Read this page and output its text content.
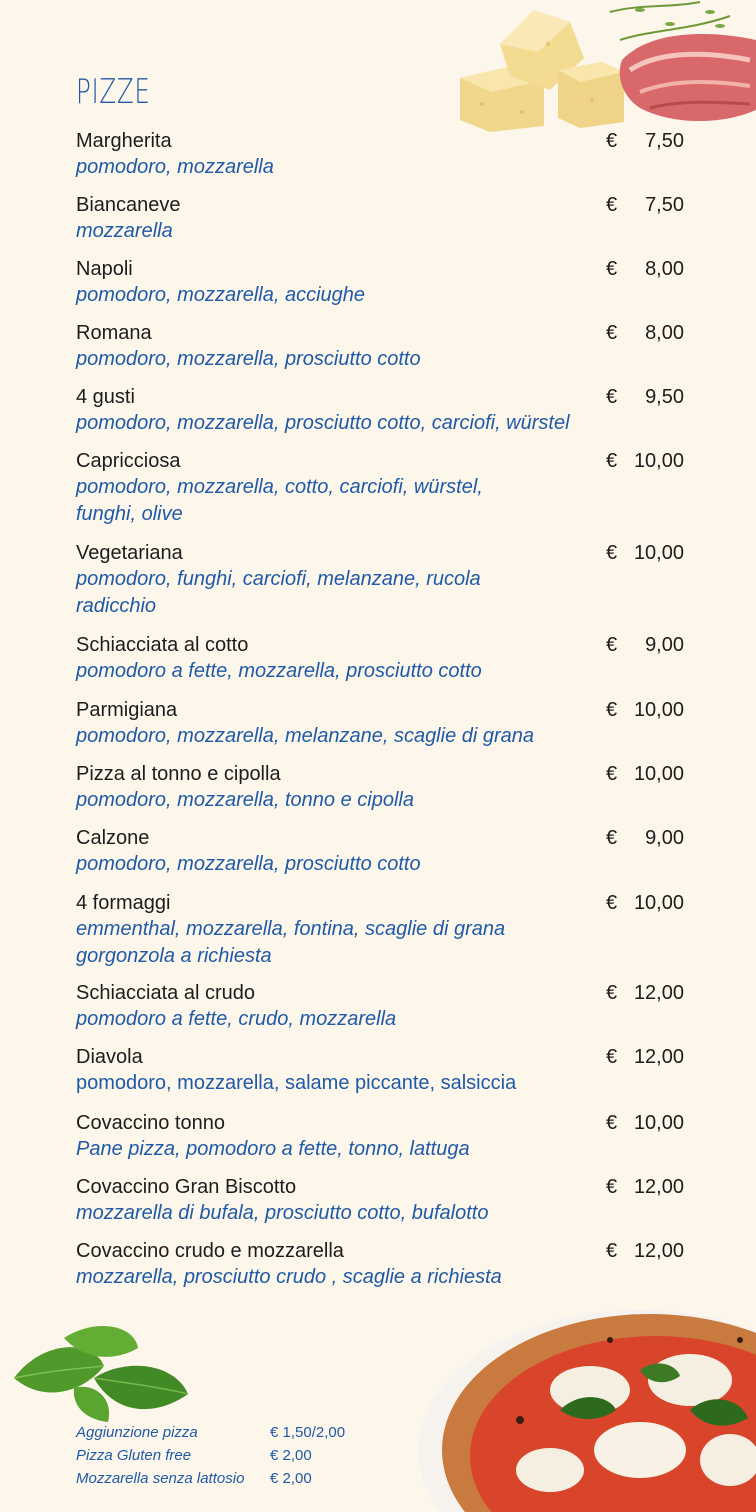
PIZZE
Margherita
pomodoro, mozzarella
€ 7,50
Biancaneve
mozzarella
€ 7,50
Napoli
pomodoro, mozzarella, acciughe
€ 8,00
Romana
pomodoro, mozzarella, prosciutto cotto
€ 8,00
4 gusti
pomodoro, mozzarella, prosciutto cotto, carciofi, würstel
€ 9,50
Capricciosa
pomodoro, mozzarella, cotto, carciofi, würstel,
funghi, olive
€ 10,00
Vegetariana
pomodoro, funghi, carciofi, melanzane, rucola
radicchio
€ 10,00
Schiacciata al cotto
pomodoro a fette, mozzarella, prosciutto cotto
€ 9,00
Parmigiana
pomodoro, mozzarella, melanzane, scaglie di grana
€ 10,00
Pizza al tonno e cipolla
pomodoro, mozzarella, tonno e cipolla
€ 10,00
Calzone
pomodoro, mozzarella, prosciutto cotto
€ 9,00
4 formaggi
emmenthal, mozzarella, fontina, scaglie di grana
gorgonzola a richiesta
€ 10,00
Schiacciata al crudo
pomodoro a fette, crudo, mozzarella
€ 12,00
Diavola
pomodoro, mozzarella, salame piccante, salsiccia
€ 12,00
Covaccino tonno
Pane pizza, pomodoro a fette, tonno, lattuga
€ 10,00
Covaccino Gran Biscotto
mozzarella di bufala, prosciutto cotto, bufalotto
€ 12,00
Covaccino crudo e mozzarella
mozzarella, prosciutto crudo , scaglie a richiesta
€ 12,00
Aggiunzione pizza	€ 1,50/2,00
Pizza Gluten free	€ 2,00
Mozzarella senza lattosio € 2,00
